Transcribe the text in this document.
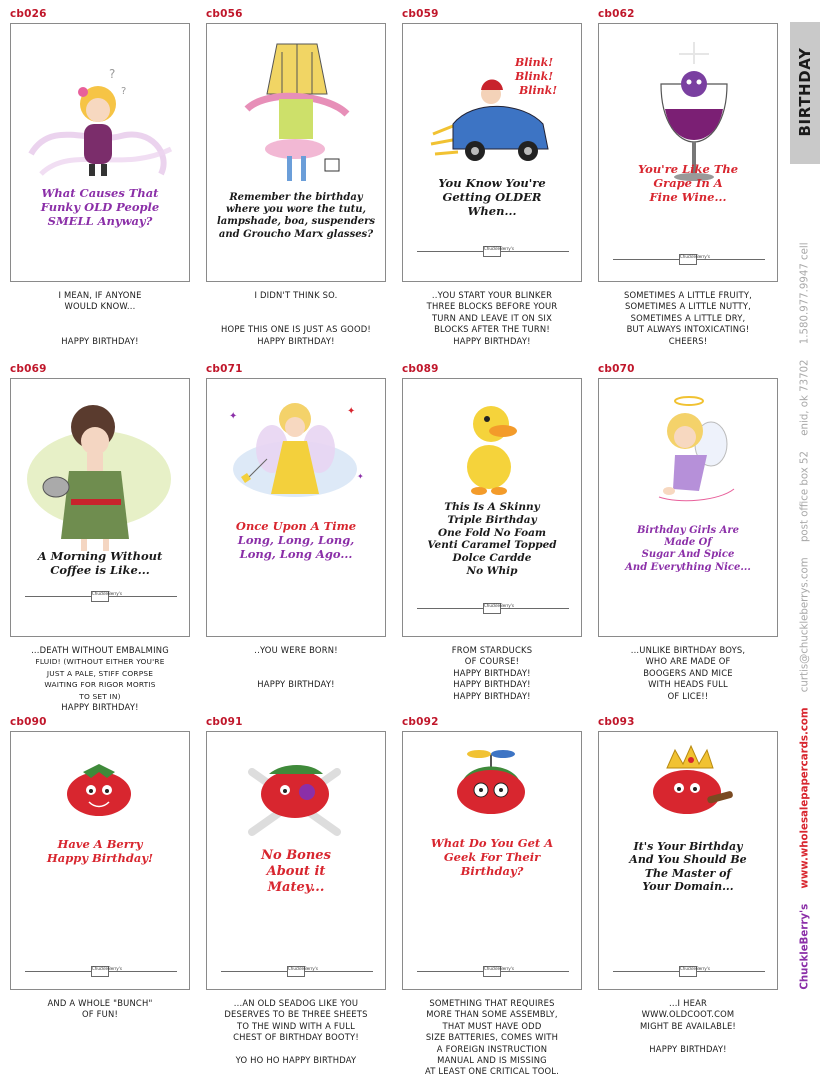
cb026
?
?
What Causes That
Funky OLD People
SMELL Anyway?
I MEAN, IF ANYONE
WOULD KNOW...
HAPPY BIRTHDAY!
cb056
Remember the birthday
where you wore the tutu,
lampshade, boa, suspenders
and Groucho Marx glasses?
I DIDN'T THINK SO.
HOPE THIS ONE IS JUST AS GOOD!
HAPPY BIRTHDAY!
cb059
Blink!
Blink!
Blink!
You Know You're
Getting OLDER
When...
ChuckleBerry's
..YOU START YOUR BLINKER
THREE BLOCKS BEFORE YOUR
TURN AND LEAVE IT ON SIX
BLOCKS AFTER THE TURN!
HAPPY BIRTHDAY!
cb062
You're Like The
Grape In A
Fine Wine...
ChuckleBerry's
SOMETIMES A LITTLE FRUITY,
SOMETIMES A LITTLE NUTTY,
SOMETIMES A LITTLE DRY,
BUT ALWAYS INTOXICATING!
CHEERS!
cb069
A Morning Without
Coffee is Like...
ChuckleBerry's
...DEATH WITHOUT EMBALMING
FLUID! (WITHOUT EITHER YOU'RE
JUST A PALE, STIFF CORPSE
WAITING FOR RIGOR MORTIS
TO SET IN)
HAPPY BIRTHDAY!
cb071
✦	✦
✦
Once Upon A Time
Long, Long, Long,
Long, Long Ago...
..YOU WERE BORN!
HAPPY BIRTHDAY!
cb089
This Is A Skinny
Triple Birthday
One Fold No Foam
Venti Caramel Topped
Dolce Cardde
No Whip
ChuckleBerry's
FROM STARDUCKS
OF COURSE!
HAPPY BIRTHDAY!
HAPPY BIRTHDAY!
HAPPY BIRTHDAY!
cb070
Birthday Girls Are
Made Of
Sugar And Spice
And Everything Nice...
...UNLIKE BIRTHDAY BOYS,
WHO ARE MADE OF
BOOGERS AND MICE
WITH HEADS FULL
OF LICE!!
cb090
Have A Berry
Happy Birthday!
ChuckleBerry's
AND A WHOLE "BUNCH"
OF FUN!
cb091
No Bones
About it
Matey...
ChuckleBerry's
...AN OLD SEADOG LIKE YOU
DESERVES TO BE THREE SHEETS
TO THE WIND WITH A FULL
CHEST OF BIRTHDAY BOOTY!
YO HO HO HAPPY BIRTHDAY
cb092
What Do You Get A
Geek For Their
Birthday?
ChuckleBerry's
SOMETHING THAT REQUIRES
MORE THAN SOME ASSEMBLY,
THAT MUST HAVE ODD
SIZE BATTERIES, COMES WITH
A FOREIGN INSTRUCTION
MANUAL AND IS MISSING
AT LEAST ONE CRITICAL TOOL.
cb093
It's Your Birthday
And You Should Be
The Master of
Your Domain...
ChuckleBerry's
...I HEAR
WWW.OLDCOOT.COM
MIGHT BE AVAILABLE!
HAPPY BIRTHDAY!
BIRTHDAY
ChuckleBerry's www.wholesalepapercards.com curtis@chuckleberrys.com post office box 52 enid, ok 73702 1.580.977.9947 cell
